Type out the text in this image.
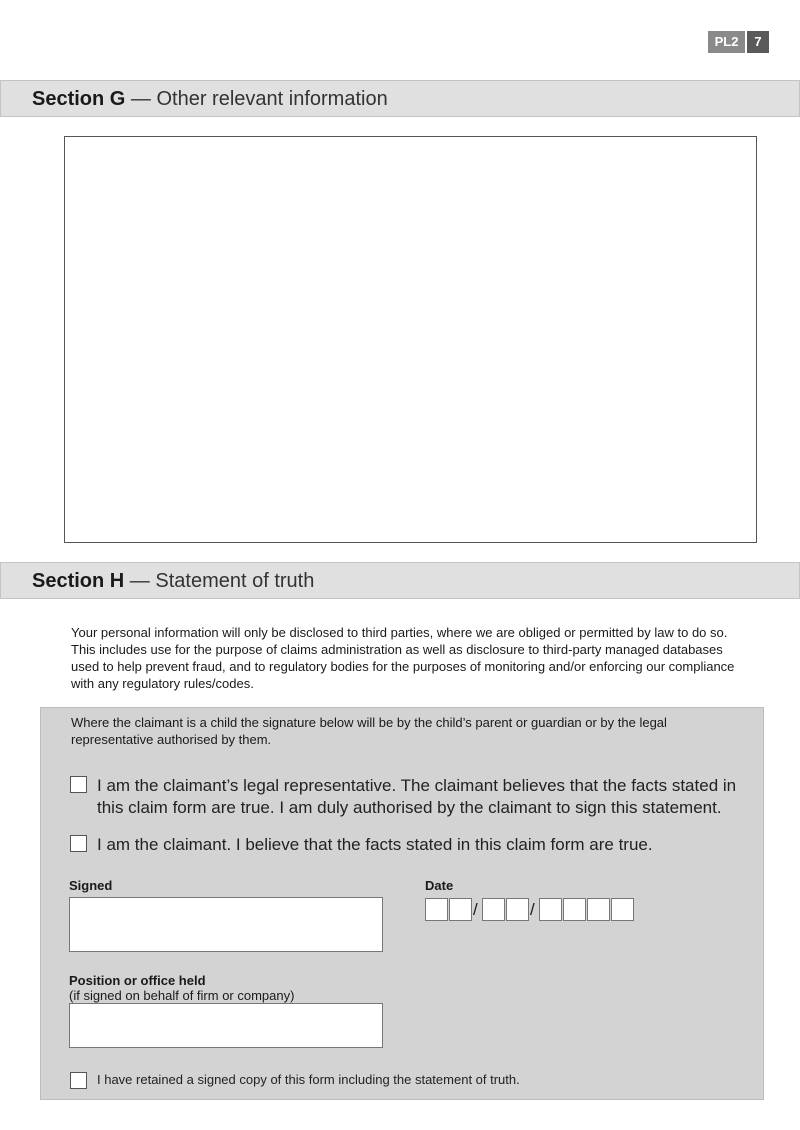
PL2	7
Section G — Other relevant information
Section H — Statement of truth
Your personal information will only be disclosed to third parties, where we are obliged or permitted by law to do so. This includes use for the purpose of claims administration as well as disclosure to third-party managed databases used to help prevent fraud, and to regulatory bodies for the purposes of monitoring and/or enforcing our compliance with any regulatory rules/codes.
Where the claimant is a child the signature below will be by the child’s parent or guardian or by the legal representative authorised by them.
I am the claimant’s legal representative. The claimant believes that the facts stated in this claim form are true. I am duly authorised by the claimant to sign this statement.
I am the claimant. I believe that the facts stated in this claim form are true.
Signed	Date
/	/
Position or office held
(if signed on behalf of firm or company)
I have retained a signed copy of this form including the statement of truth.
